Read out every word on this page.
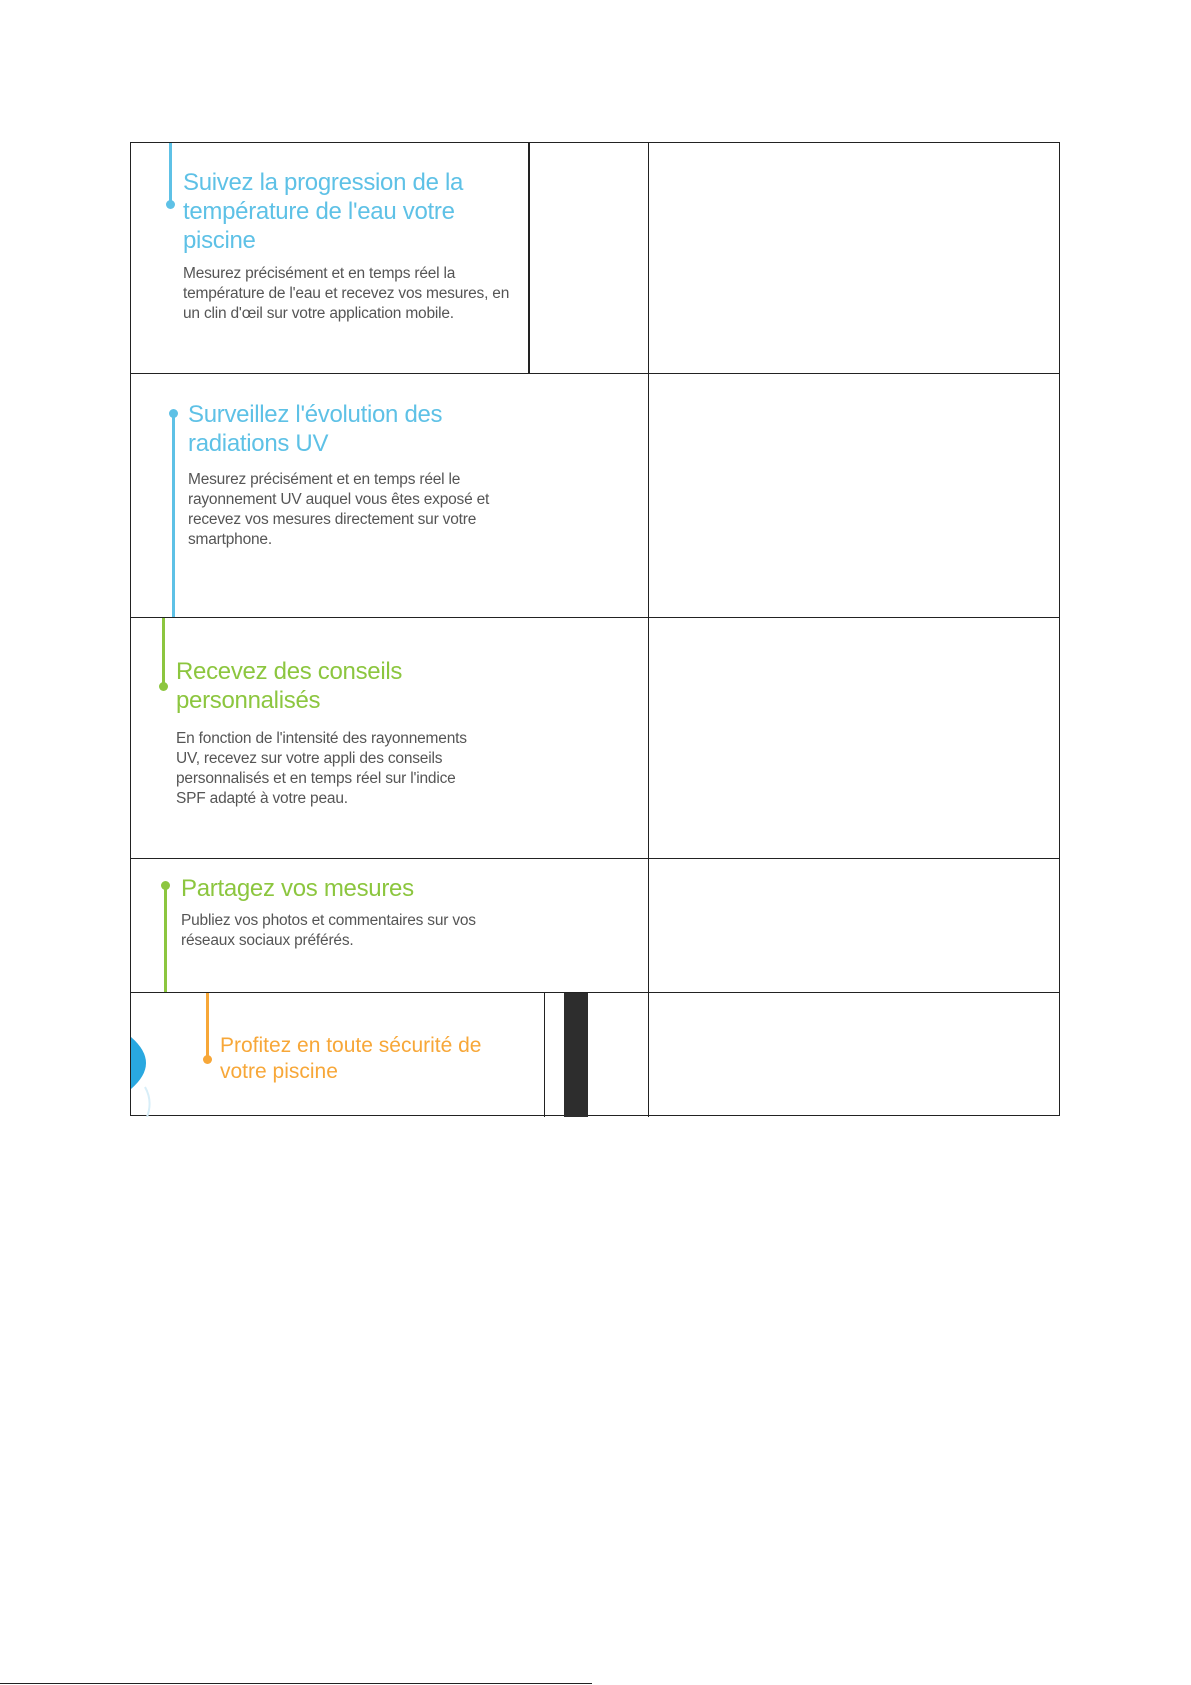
Suivez la progression de la température de l'eau votre piscine

Mesurez précisément et en temps réel la température de l'eau et recevez vos mesures, en un clin d'œil sur votre application mobile.

Surveillez l'évolution des radiations UV

Mesurez précisément et en temps réel le rayonnement UV auquel vous êtes exposé et recevez vos mesures directement sur votre smartphone.

Recevez des conseils personnalisés

En fonction de l'intensité des rayonnements UV, recevez sur votre appli des conseils personnalisés et en temps réel sur l'indice SPF adapté à votre peau.

Partagez vos mesures

Publiez vos photos et commentaires sur vos réseaux sociaux préférés.

Profitez en toute sécurité de votre piscine
